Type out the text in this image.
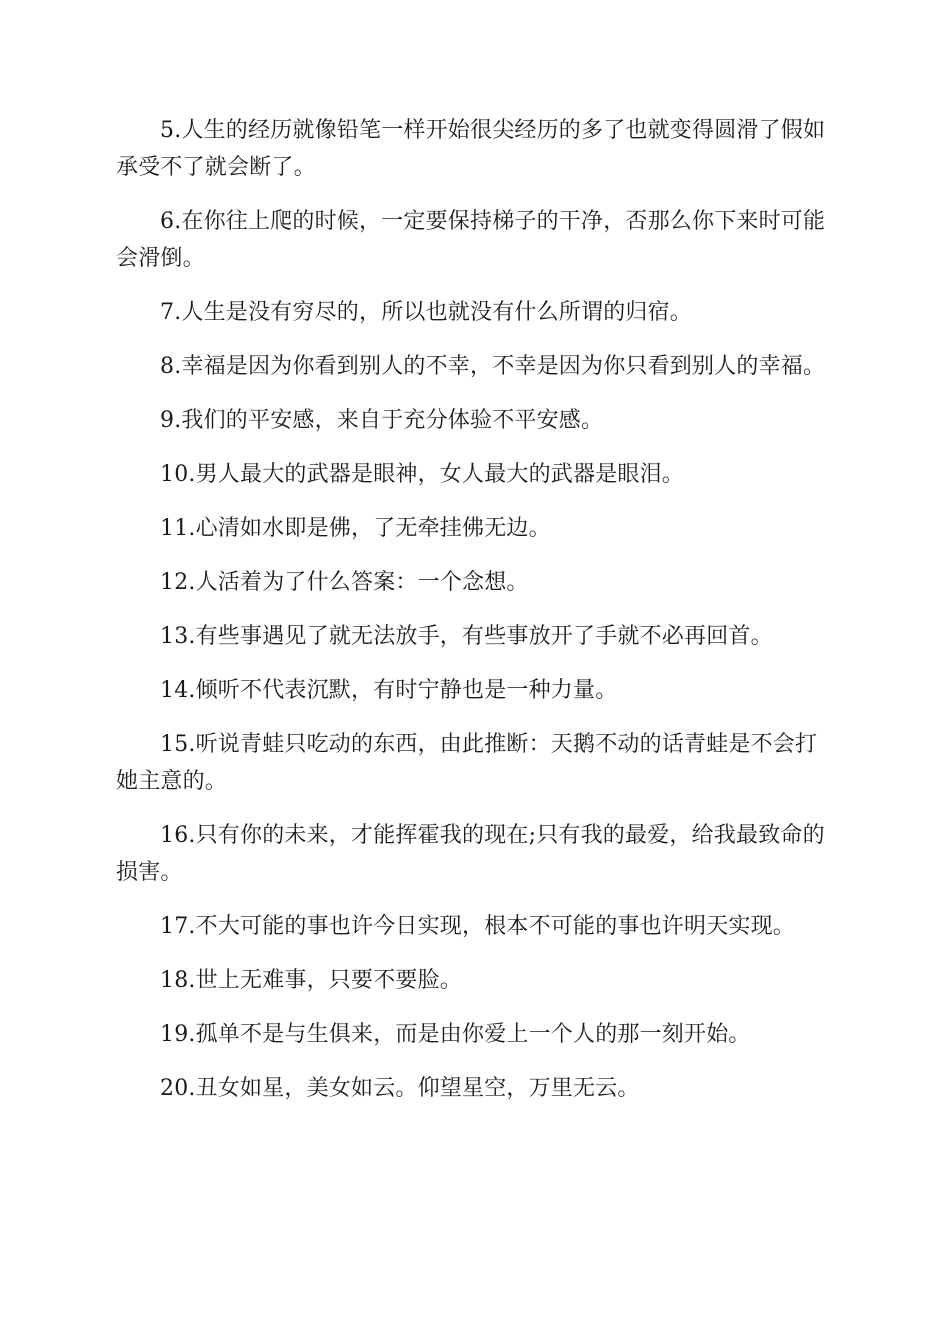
5.人生的经历就像铅笔一样开始很尖经历的多了也就变得圆滑了假如承受不了就会断了。

6.在你往上爬的时候，一定要保持梯子的干净，否那么你下来时可能会滑倒。

7.人生是没有穷尽的，所以也就没有什么所谓的归宿。

8.幸福是因为你看到别人的不幸，不幸是因为你只看到别人的幸福。

9.我们的平安感，来自于充分体验不平安感。

10.男人最大的武器是眼神，女人最大的武器是眼泪。

11.心清如水即是佛，了无牵挂佛无边。

12.人活着为了什么答案：一个念想。

13.有些事遇见了就无法放手，有些事放开了手就不必再回首。

14.倾听不代表沉默，有时宁静也是一种力量。

15.听说青蛙只吃动的东西，由此推断：天鹅不动的话青蛙是不会打她主意的。

16.只有你的未来，才能挥霍我的现在;只有我的最爱，给我最致命的损害。

17.不大可能的事也许今日实现，根本不可能的事也许明天实现。

18.世上无难事，只要不要脸。

19.孤单不是与生俱来，而是由你爱上一个人的那一刻开始。

20.丑女如星，美女如云。仰望星空，万里无云。
